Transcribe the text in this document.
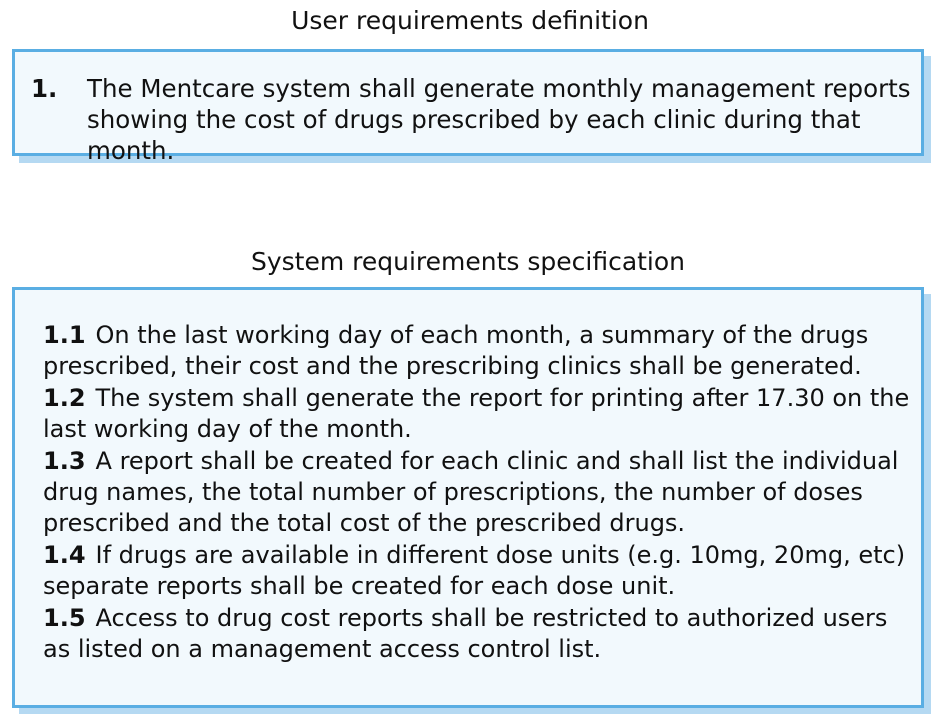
User requirements definition
1.	The Mentcare system shall generate monthly management reports showing the cost of drugs prescribed by each clinic during that month.
System requirements specification

1.1 On the last working day of each month, a summary of the drugs prescribed, their cost and the prescribing clinics shall be generated.

1.2 The system shall generate the report for printing after 17.30 on the last working day of the month.

1.3 A report shall be created for each clinic and shall list the individual drug names, the total number of prescriptions, the number of doses prescribed and the total cost of the prescribed drugs.

1.4 If drugs are available in different dose units (e.g. 10mg, 20mg, etc) separate reports shall be created for each dose unit.

1.5 Access to drug cost reports shall be restricted to authorized users as listed on a management access control list.
